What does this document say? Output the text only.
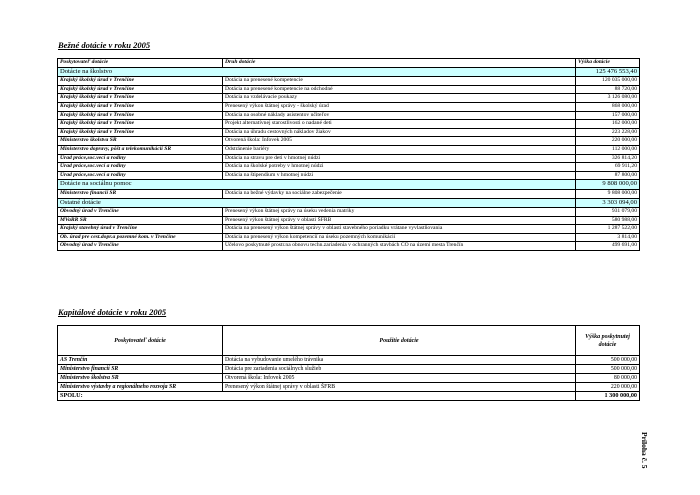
Bežné dotácie v roku 2005
Poskytovateľ dotácie	Druh dotácie	Výška dotácie
Dotácie na školstvo		125 476 553,40
Krajský školský úrad v Trenčíne	Dotácia na prenesené kompetencie	120 035 000,00
Krajský školský úrad v Trenčíne	Dotácia na prenesené kompetencie na odchodné	88 720,00
Krajský školský úrad v Trenčíne	Dotácia na vzdelávacie poukazy	3 126 080,00
Krajský školský úrad v Trenčíne	Prenesený výkon štátnej správy - školský úrad	868 000,00
Krajský školský úrad v Trenčíne	Dotácia na osobné náklady asistentov učiteľov	157 000,00
Krajský školský úrad v Trenčíne	Projekt alternatívnej starostlivosti o nadané deti	162 000,00
Krajský školský úrad v Trenčíne	Dotácia na úhradu cestovných nákladov žiakov	223 228,00
Ministerstvo školstva SR	Otvorená škola: Infovek 2005	220 000,00
Ministerstvo dopravy, pôšt a telekomunikácií SR	Odstránenie bariéry	112 000,00
Úrad práce,soc.vecí a rodiny	Dotácia na stravu pre deti v hmotnej núdzi	326 814,20
Úrad práce,soc.vecí a rodiny	Dotácia na školské potreby v hmotnej núdzi	69 911,20
Úrad práce,soc.vecí a rodiny	Dotácia na štipendium v hmotnej núdzi	87 800,00
Dotácie na sociálnu pomoc		9 808 000,00
Ministerstvo financií SR	Dotácia na bežné výdavky na sociálne zabezpečenie	9 808 000,00
Ostatné dotácie		3 303 094,00
Obvodný úrad v Trenčíne	Prenesený výkon štátnej správy na úseku vedenia matriky	931 079,00
MVaRR SR	Prenesený výkon štátnej správy v oblasti ŠFRB	580 988,00
Krajský stavebný úrad v Trenčíne	Dotácia na prenesený výkon štátnej správy v oblasti stavebného poriadku vrátane vyvlastňovania	1 287 522,00
Ob. úrad pre cest.dopr.a pozemné kom. v Trenčíne	Dotácia na prenesený výkon kompetencií na úseku pozemných komunikácií	3 814,00
Obvodný úrad v Trenčíne	Účelovo poskytnuté prostr.na obnovu techn.zariadenia v ochranných stavbách CO na území mesta Trenčín	499 691,00
Kapitálové dotácie v roku 2005
Poskytovateľ dotácie	Použitie dotácie	Výška poskytnutej dotácie
AS Trenčín	Dotácia na vybudovanie umelého trávnika	500 000,00
Ministerstvo financií SR	Dotácia pre zariadenia sociálnych služieb	500 000,00
Ministerstvo školstva SR	Otvorená škola: Infovek 2005	80 000,00
Ministerstvo výstavby a regionálneho rozvoja SR	Prenesený výkon štátnej správy v oblasti ŠFRB	220 000,00
SPOLU:		1 300 000,00
Príloha č. 5
